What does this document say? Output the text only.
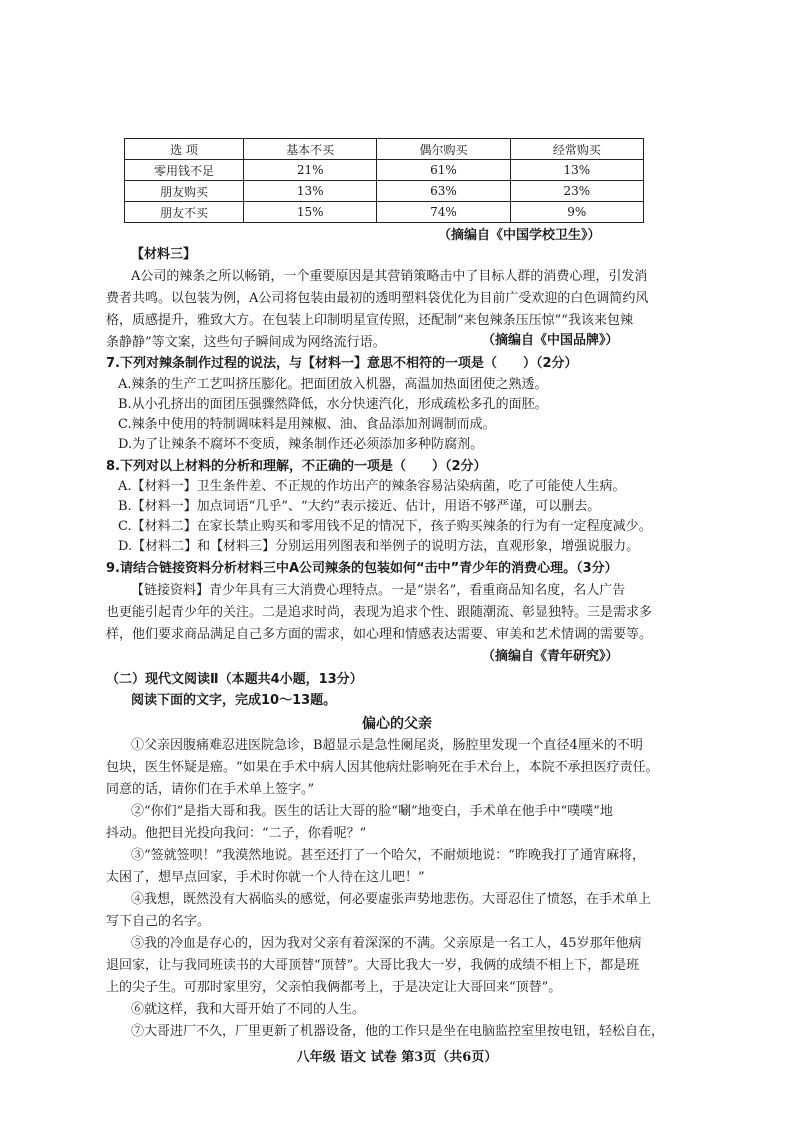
选 项	基本不买	偶尔购买	经常购买
零用钱不足	21%	61%	13%
朋友购买	13%	63%	23%
朋友不买	15%	74%	9%
（摘编自《中国学校卫生》）
【材料三】
A公司的辣条之所以畅销，一个重要原因是其营销策略击中了目标人群的消费心理，引发消
费者共鸣。以包装为例，A公司将包装由最初的透明塑料袋优化为目前广受欢迎的白色调简约风
格，质感提升，雅致大方。在包装上印制明星宣传照，还配制“来包辣条压压惊”“我该来包辣
条静静”等文案，这些句子瞬间成为网络流行语。	（摘编自《中国品牌》）
7.下列对辣条制作过程的说法，与【材料一】意思不相符的一项是（　　）（2分）
A.辣条的生产工艺叫挤压膨化。把面团放入机器，高温加热面团使之熟透。
B.从小孔挤出的面团压强骤然降低，水分快速汽化，形成疏松多孔的面胚。
C.辣条中使用的特制调味料是用辣椒、油、食品添加剂调制而成。
D.为了让辣条不腐坏不变质，辣条制作还必须添加多种防腐剂。
8.下列对以上材料的分析和理解，不正确的一项是（　　）（2分）
A.【材料一】卫生条件差、不正规的作坊出产的辣条容易沾染病菌，吃了可能使人生病。
B.【材料一】加点词语“几乎”、“大约”表示接近、估计，用语不够严谨，可以删去。
C.【材料二】在家长禁止购买和零用钱不足的情况下，孩子购买辣条的行为有一定程度减少。
D.【材料二】和【材料三】分别运用列图表和举例子的说明方法，直观形象，增强说服力。
9.请结合链接资料分析材料三中A公司辣条的包装如何“击中”青少年的消费心理。（3分）
【链接资料】青少年具有三大消费心理特点。一是“崇名”，看重商品知名度，名人广告
也更能引起青少年的关注。二是追求时尚，表现为追求个性、跟随潮流、彰显独特。三是需求多
样，他们要求商品满足自己多方面的需求，如心理和情感表达需要、审美和艺术情调的需要等。
（摘编自《青年研究》）
（二）现代文阅读Ⅱ（本题共4小题，13分）
阅读下面的文字，完成10～13题。
偏心的父亲
①父亲因腹痛难忍进医院急诊，B超显示是急性阑尾炎，肠腔里发现一个直径4厘米的不明
包块，医生怀疑是癌。“如果在手术中病人因其他病灶影响死在手术台上，本院不承担医疗责任。
同意的话，请你们在手术单上签字。”
②“你们”是指大哥和我。医生的话让大哥的脸“唰”地变白，手术单在他手中“噗噗”地
抖动。他把目光投向我问：“二子，你看呢？”
③“签就签呗！”我漠然地说。甚至还打了一个哈欠，不耐烦地说：“昨晚我打了通宵麻将，
太困了，想早点回家，手术时你就一个人待在这儿吧！”
④我想，既然没有大祸临头的感觉，何必要虚张声势地悲伤。大哥忍住了愤怒，在手术单上
写下自己的名字。
⑤我的冷血是存心的，因为我对父亲有着深深的不满。父亲原是一名工人，45岁那年他病
退回家，让与我同班读书的大哥顶替“顶替”。大哥比我大一岁，我俩的成绩不相上下，都是班
上的尖子生。可那时家里穷，父亲怕我俩都考上，于是决定让大哥回来“顶替”。
⑥就这样，我和大哥开始了不同的人生。
⑦大哥进厂不久，厂里更新了机器设备，他的工作只是坐在电脑监控室里按电钮，轻松自在，
八年级 语文 试卷 第3页（共6页）
